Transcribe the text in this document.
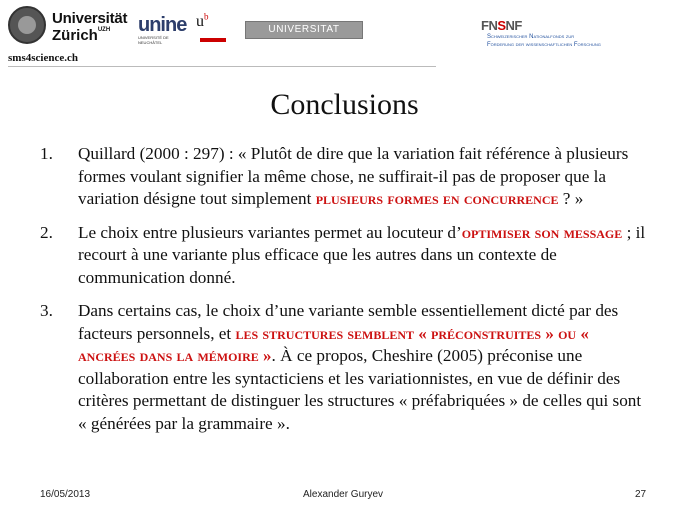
Universität
Zürich$^{UZH}$ unine
UNIVERSITÉ DE NEUCHÂTEL
$u^b$
UNIVERSITAT LEIPZIG
sms4science.ch
FNSNF
Schweizerischer Nationalfonds zur
Förderung der wissenschaftlichen Forschung
Conclusions
1. Quillard (2000 : 297) : « Plutôt de dire que la variation fait référence à plusieurs formes voulant signifier la même chose, ne suffirait-il pas de proposer que la variation désigne tout simplement plusieurs formes en concurrence ? »
2. Le choix entre plusieurs variantes permet au locuteur d’optimiser son message ; il recourt à une variante plus efficace que les autres dans un contexte de communication donné.
3. Dans certains cas, le choix d’une variante semble essentiellement dicté par des facteurs personnels, et les structures semblent « préconstruites » ou « ancrées dans la mémoire ». À ce propos, Cheshire (2005) préconise une collaboration entre les syntacticiens et les variationnistes, en vue de définir des critères permettant de distinguer les structures « préfabriquées » de celles qui sont « générées par la grammaire ».
16/05/2013	Alexander Guryev	27
